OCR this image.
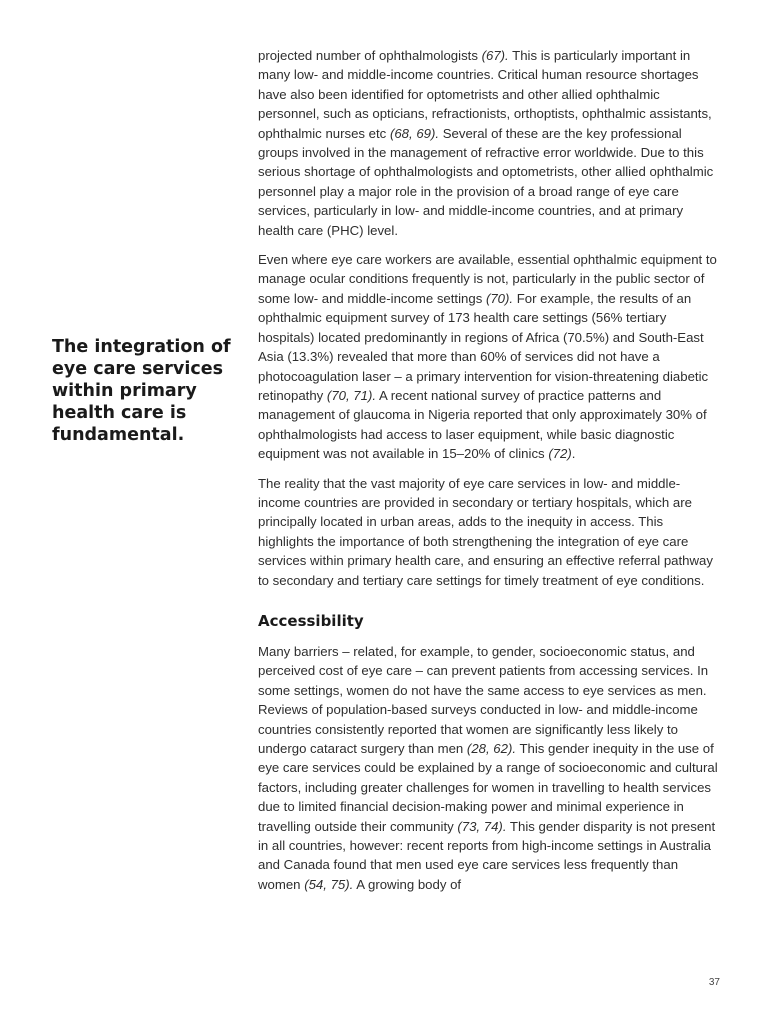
The integration of eye care services within primary health care is fundamental.

projected number of ophthalmologists (67). This is particularly important in many low- and middle-income countries. Critical human resource shortages have also been identified for optometrists and other allied ophthalmic personnel, such as opticians, refractionists, orthoptists, ophthalmic assistants, ophthalmic nurses etc (68, 69). Several of these are the key professional groups involved in the management of refractive error worldwide. Due to this serious shortage of ophthalmologists and optometrists, other allied ophthalmic personnel play a major role in the provision of a broad range of eye care services, particularly in low- and middle-income countries, and at primary health care (PHC) level.

Even where eye care workers are available, essential ophthalmic equipment to manage ocular conditions frequently is not, particularly in the public sector of some low- and middle-income settings (70). For example, the results of an ophthalmic equipment survey of 173 health care settings (56% tertiary hospitals) located predominantly in regions of Africa (70.5%) and South-East Asia (13.3%) revealed that more than 60% of services did not have a photocoagulation laser – a primary intervention for vision-threatening diabetic retinopathy (70, 71). A recent national survey of practice patterns and management of glaucoma in Nigeria reported that only approximately 30% of ophthalmologists had access to laser equipment, while basic diagnostic equipment was not available in 15–20% of clinics (72).

The reality that the vast majority of eye care services in low- and middle-income countries are provided in secondary or tertiary hospitals, which are principally located in urban areas, adds to the inequity in access. This highlights the importance of both strengthening the integration of eye care services within primary health care, and ensuring an effective referral pathway to secondary and tertiary care settings for timely treatment of eye conditions.

Accessibility

Many barriers – related, for example, to gender, socioeconomic status, and perceived cost of eye care – can prevent patients from accessing services. In some settings, women do not have the same access to eye services as men. Reviews of population-based surveys conducted in low- and middle-income countries consistently reported that women are significantly less likely to undergo cataract surgery than men (28, 62). This gender inequity in the use of eye care services could be explained by a range of socioeconomic and cultural factors, including greater challenges for women in travelling to health services due to limited financial decision-making power and minimal experience in travelling outside their community (73, 74). This gender disparity is not present in all countries, however: recent reports from high-income settings in Australia and Canada found that men used eye care services less frequently than women (54, 75). A growing body of

37
